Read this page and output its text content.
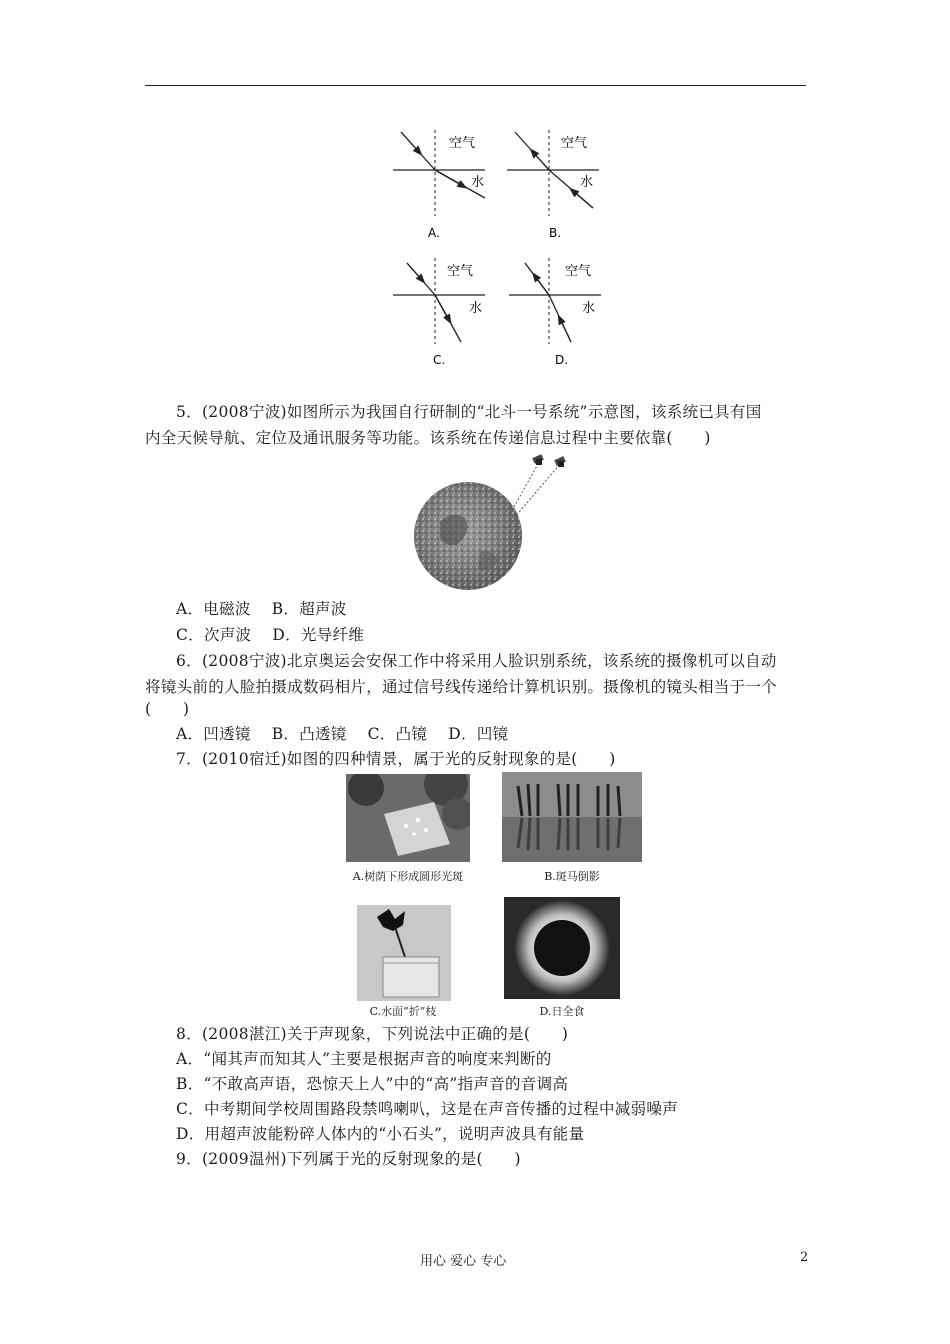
空气
水
A.
空气
水
B.
空气
水
C.
空气
水
D.
5．(2008宁波)如图所示为我国自行研制的“北斗一号系统”示意图，该系统已具有国
内全天候导航、定位及通讯服务等功能。该系统在传递信息过程中主要依靠(　　)
A．电磁波　 B．超声波
C．次声波　 D．光导纤维
6．(2008宁波)北京奥运会安保工作中将采用人脸识别系统，该系统的摄像机可以自动
将镜头前的人脸拍摄成数码相片，通过信号线传递给计算机识别。摄像机的镜头相当于一个
(　　)
A．凹透镜　 B．凸透镜　 C．凸镜　 D．凹镜
7．(2010宿迁)如图的四种情景，属于光的反射现象的是(　　)
A.树荫下形成圆形光斑	B.斑马倒影
C.水面“折”枝	D.日全食
8．(2008湛江)关于声现象，下列说法中正确的是(　　)
A．“闻其声而知其人”主要是根据声音的响度来判断的
B．“不敢高声语，恐惊天上人”中的“高”指声音的音调高
C．中考期间学校周围路段禁鸣喇叭，这是在声音传播的过程中减弱噪声
D．用超声波能粉碎人体内的“小石头”，说明声波具有能量
9．(2009温州)下列属于光的反射现象的是(　　)
用心 爱心 专心	2
